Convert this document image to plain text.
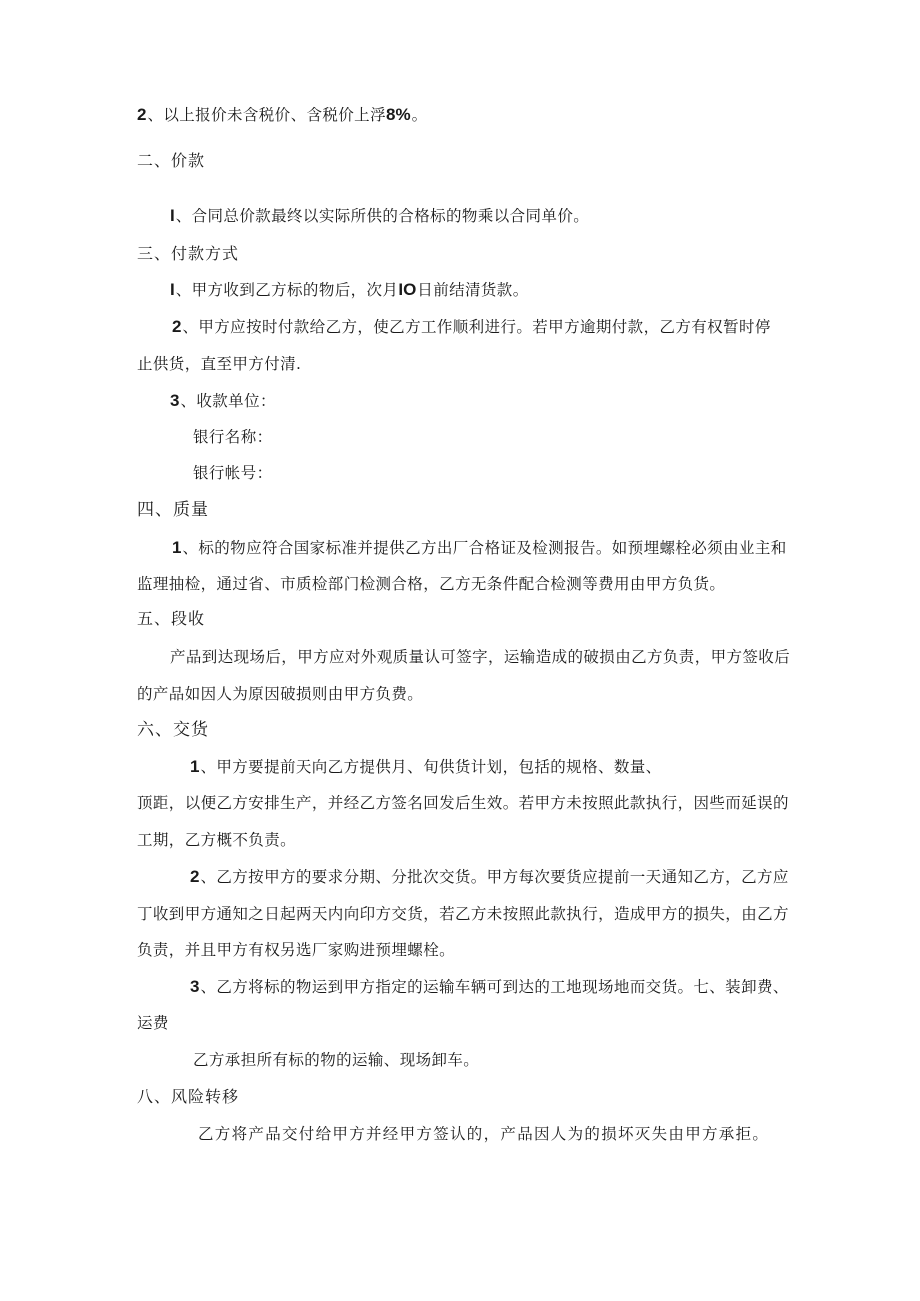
2、以上报价未含税价、含税价上浮8%。
二、价款
I、合同总价款最终以实际所供的合格标的物乘以合同单价。
三、付款方式
I、甲方收到乙方标的物后，次月IO日前结清货款。
2、甲方应按时付款给乙方，使乙方工作顺利进行。若甲方逾期付款，乙方有权暂时停
止供货，直至甲方付清.
3、收款单位：
银行名称：
银行帐号：
四、质量
1、标的物应符合国家标准并提供乙方出厂合格证及检测报告。如预埋螺栓必须由业主和
监理抽检，通过省、市质检部门检测合格，乙方无条件配合检测等费用由甲方负货。
五、段收
产品到达现场后，甲方应对外观质量认可签字，运输造成的破损由乙方负责，甲方签收后
的产品如因人为原因破损则由甲方负费。
六、交货
1、甲方要提前天向乙方提供月、旬供货计划，包括的规格、数量、
顶距，以便乙方安排生产，并经乙方签名回发后生效。若甲方未按照此款执行，因些而延误的
工期，乙方概不负责。
2、乙方按甲方的要求分期、分批次交货。甲方每次要货应提前一天通知乙方，乙方应
丁收到甲方通知之日起两天内向印方交货，若乙方未按照此款执行，造成甲方的损失，由乙方
负责，并且甲方有权另选厂家购进预埋螺栓。
3、乙方将标的物运到甲方指定的运输车辆可到达的工地现场地而交货。七、装卸费、
运费
乙方承担所有标的物的运输、现场卸车。
八、风险转移
乙方将产品交付给甲方并经甲方签认的，产品因人为的损坏灭失由甲方承拒。
